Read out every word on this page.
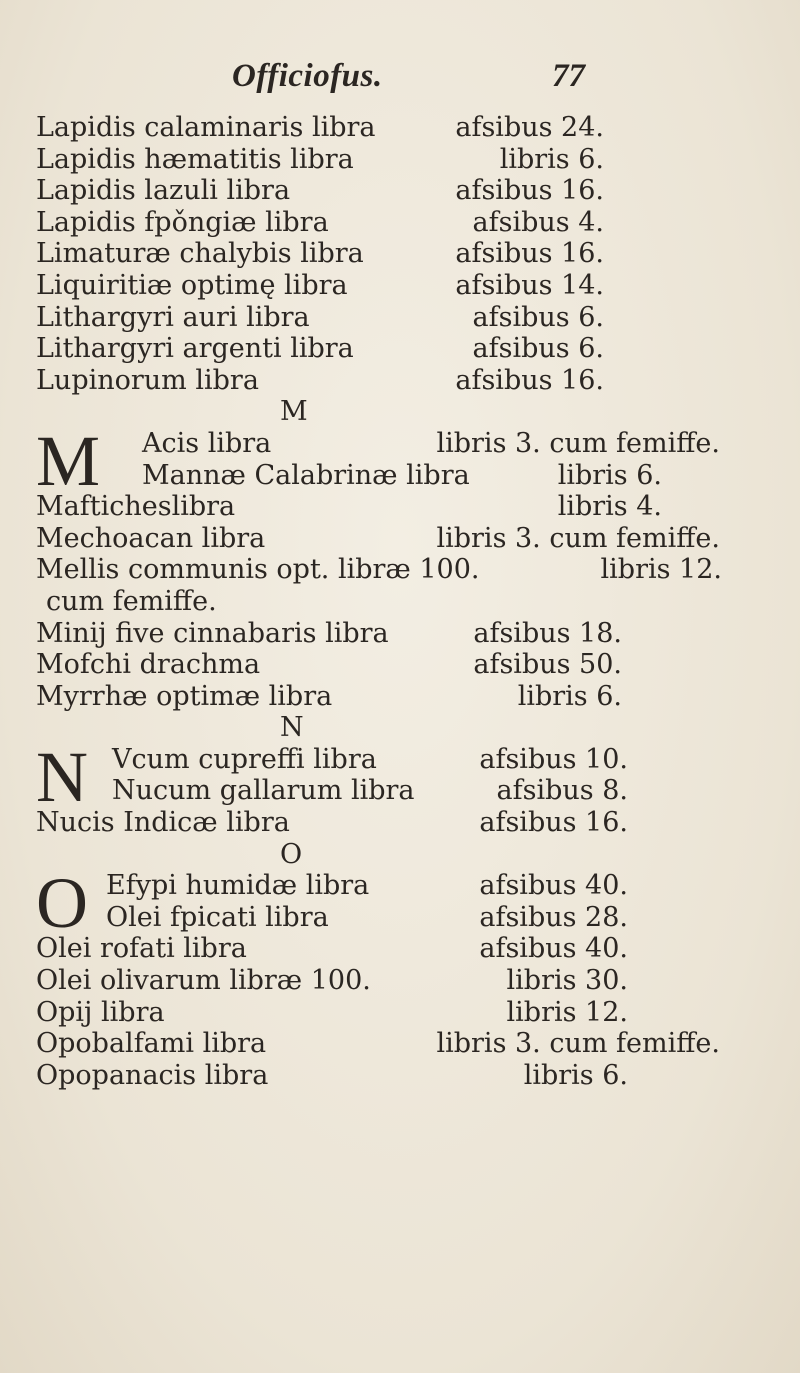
Officiofus.	77
Lapidis calaminaris libra	afsibus 24.
Lapidis hæmatitis libra	libris 6.
Lapidis lazuli libra	afsibus 16.
Lapidis fpǒngiæ libra	afsibus 4.
Limaturæ chalybis libra	afsibus 16.
Liquiritiæ optimę libra	afsibus 14.
Lithargyri auri libra	afsibus 6.
Lithargyri argenti libra	afsibus 6.
Lupinorum libra	afsibus 16.
M
M Acis libra	libris 3. cum femiffe.
Mannæ Calabrinæ libra	libris 6.
Mafticheslibra	libris 4.
Mechoacan libra	libris 3. cum femiffe.
Mellis communis opt. libræ 100.	libris 12.
cum femiffe.
Minij five cinnabaris libra	afsibus 18.
Mofchi drachma	afsibus 50.
Myrrhæ optimæ libra	libris 6.
N
N Vcum cupreffi libra	afsibus 10.
Nucum gallarum libra	afsibus 8.
Nucis Indicæ libra	afsibus 16.
O
O Efypi humidæ libra	afsibus 40.
Olei fpicati libra	afsibus 28.
Olei rofati libra	afsibus 40.
Olei olivarum libræ 100.	libris 30.
Opij libra	libris 12.
Opobalfami libra	libris 3. cum femiffe.
Opopanacis libra	libris 6.
